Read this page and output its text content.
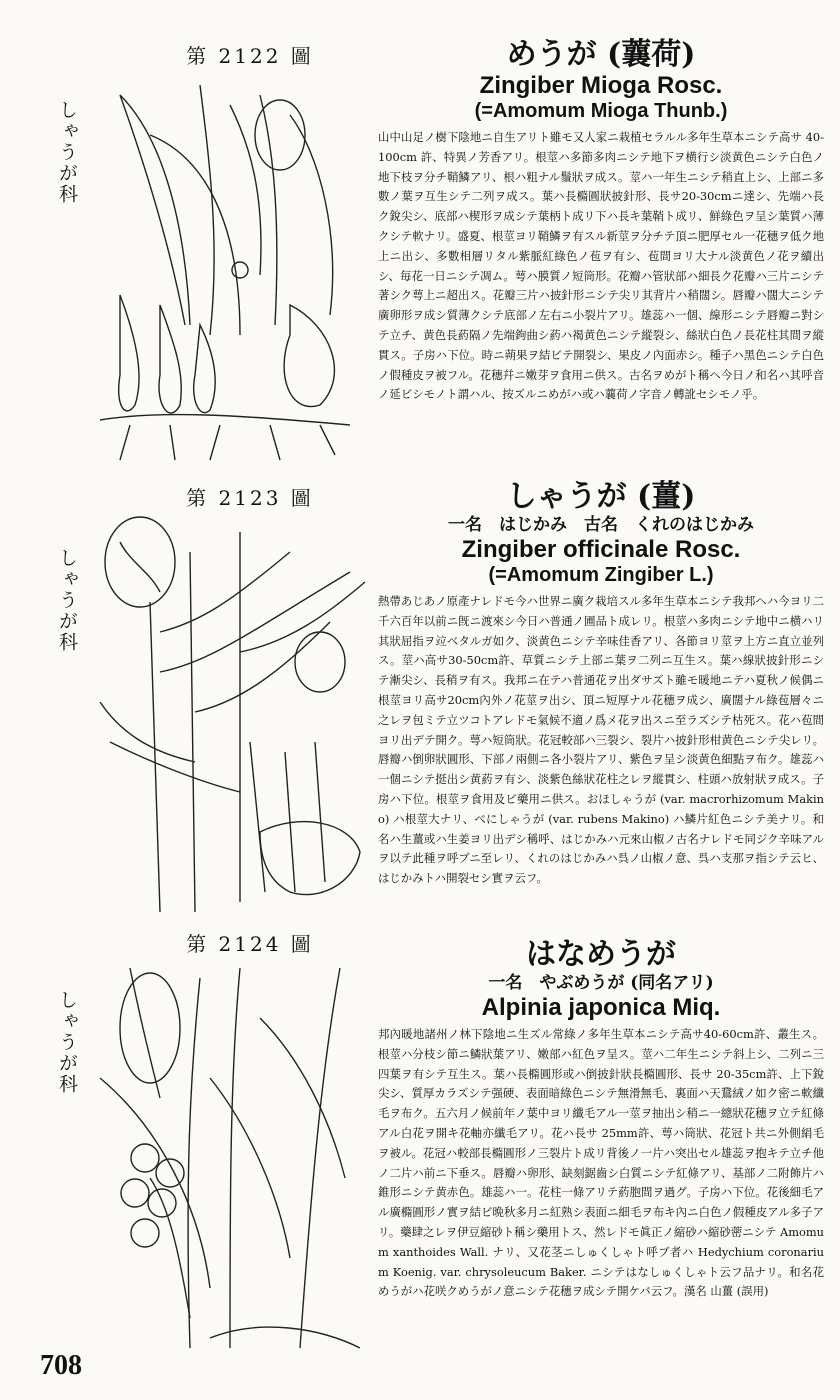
第 2122 圖
しゃうが科
めうが (蘘荷)
Zingiber Mioga Rosc.
(=Amomum Mioga Thunb.)
山中山足ノ樹下陰地ニ自生アリト雖モ又人家ニ栽植セラルル多年生草本ニシテ高サ 40-100cm 許、特異ノ芳香アリ。根莖ハ多節多肉ニシテ地下ヲ横行シ淡黄色ニシテ白色ノ地下枝ヲ分チ鞘鱗アリ、根ハ粗ナル鬚狀ヲ成ス。莖ハ一年生ニシテ稍直上シ、上部ニ多數ノ葉ヲ互生シテ二列ヲ成ス。葉ハ長橢圓狀披針形、長サ20-30cmニ達シ、先端ハ長ク銳尖シ、底部ハ楔形ヲ成シテ葉柄ト成リ下ハ長キ葉鞘ト成リ、鮮綠色ヲ呈シ葉質ハ薄クシテ軟ナリ。盛夏、根莖ヨリ鞘鱗ヲ有スル新莖ヲ分チテ頂ニ肥厚セル一花穗ヲ低ク地上ニ出シ、多數相層リタル紫脈紅綠色ノ苞ヲ有シ、苞間ヨリ大ナル淡黄色ノ花ヲ續出シ、毎花一日ニシテ凋ム。萼ハ膜質ノ短筒形。花瓣ハ管狀部ハ細長ク花瓣ハ三片ニシテ著シク萼上ニ超出ス。花瓣三片ハ披針形ニシテ尖リ其背片ハ稍闊シ。唇瓣ハ闊大ニシテ廣卵形ヲ成シ質薄クシテ底部ノ左右ニ小裂片アリ。雄蕊ハ一個、線形ニシテ唇瓣ニ對シテ立チ、黄色長葯隔ノ先端鉤曲シ葯ハ褐黄色ニシテ縱裂シ、絲狀白色ノ長花柱其間ヲ縱貫ス。子房ハ下位。時ニ蒴果ヲ結ビテ開裂シ、果皮ノ內面赤シ。種子ハ黑色ニシテ白色ノ假種皮ヲ被フル。花穗幷ニ嫩芽ヲ食用ニ供ス。古名ヲめがト稱ヘ今日ノ和名ハ其呼音ノ延ビシモノト謂ハル、按ズルニめがハ或ハ蘘荷ノ字音ノ轉訛セシモノ乎。
第 2123 圖
しゃうが科
しゃうが (薑)
一名　はじかみ　古名　くれのはじかみ
Zingiber officinale Rosc.
(=Amomum Zingiber L.)
熱帶あじあノ原產ナレドモ今ハ世界ニ廣ク栽培スル多年生草本ニシテ我邦ヘハ今ヨリ二千六百年以前ニ旣ニ渡來シ今日ハ普通ノ圃品ト成レリ。根莖ハ多肉ニシテ地中ニ横ハリ其狀屈指ヲ竝ベタルガ如ク、淡黄色ニシテ辛味佳香アリ、各節ヨリ莖ヲ上方ニ直立並列ス。莖ハ高サ30-50cm許、草質ニシテ上部ニ葉ヲ二列ニ互生ス。葉ハ線狀披針形ニシテ漸尖シ、長稍ヲ有ス。我邦ニ在テハ普通花ヲ出ダサズト雖モ暖地ニテハ夏秋ノ候偶ニ根莖ヨリ高サ20cm內外ノ花莖ヲ出シ、頂ニ短厚ナル花穗ヲ成シ、廣闊ナル綠苞層々ニ之レヲ包ミテ立ツコトアレドモ氣候不適ノ爲メ花ヲ出スニ至ラズシテ枯死ス。花ハ苞間ヨリ出デテ開ク。萼ハ短筒狀。花冠較部ハ三裂シ、裂片ハ披針形柑黄色ニシテ尖レリ。唇瓣ハ倒卵狀圓形、下部ノ兩側ニ各小裂片アリ、紫色ヲ呈シ淡黄色細點ヲ布ク。雄蕊ハ一個ニシテ挺出シ黄葯ヲ有シ、淡紫色絲狀花柱之レヲ縱貫シ、柱頭ハ放射狀ヲ成ス。子房ハ下位。根莖ヲ食用及ビ藥用ニ供ス。おほしゃうが (var. macrorhizomum Makino) ハ根莖大ナリ、べにしゃうが (var. rubens Makino) ハ鱗片紅色ニシテ美ナリ。和名ハ生薑或ハ生姜ヨリ出デシ稱呼、はじかみハ元來山椒ノ古名ナレドモ同ジク辛味アルヲ以テ此種ヲ呼ブニ至レリ、くれのはじかみハ呉ノ山椒ノ意、呉ハ支那ヲ指シテ云ヒ、はじかみトハ開裂セシ實ヲ云フ。
第 2124 圖
しゃうが科
はなめうが
一名　やぶめうが (同名アリ)
Alpinia japonica Miq.
邦內暖地諸州ノ林下陰地ニ生ズル常綠ノ多年生草本ニシテ高サ40-60cm許、叢生ス。根莖ハ分枝シ節ニ鱗狀葉アリ、嫩部ハ紅色ヲ呈ス。莖ハ二年生ニシテ斜上シ、二列ニ三四葉ヲ有シテ互生ス。葉ハ長橢圓形或ハ倒披針狀長橢圓形、長サ 20-35cm許、上下銳尖シ、質厚カラズシテ强硬、表面暗綠色ニシテ無滑無毛、裏面ハ天鵞絨ノ如ク密ニ軟纖毛ヲ布ク。五六月ノ候前年ノ葉中ヨリ纖毛アル一莖ヲ抽出シ稍ニ一總狀花穗ヲ立テ紅條アル白花ヲ開キ花軸亦纖毛アリ。花ハ長サ 25mm許、萼ハ筒狀、花冠ト共ニ外側絹毛ヲ被ル。花冠ハ較部長橢圓形ノ三裂片ト成リ背後ノ一片ハ突出セル雄蕊ヲ抱キテ立チ他ノ二片ハ前ニ下垂ス。唇瓣ハ卵形、缺刻鋸齒シ白質ニシテ紅條アリ、基部ノ二附飾片ハ錐形ニシテ黄赤色。雄蕊ハ一。花柱一條アリテ葯胞間ヲ過グ。子房ハ下位。花後細毛アル廣橢圓形ノ實ヲ結ビ晩秋多月ニ紅熟シ表面ニ細毛ヲ布キ內ニ白色ノ假種皮アル多子アリ。藥肆之レヲ伊豆縮砂ト稱シ藥用トス、然レドモ眞正ノ縮砂ハ縮砂蔤ニシテ Amomum xanthoides Wall. ナリ、又花茎ニしゅくしゃト呼ブ者ハ Hedychium coronarium Koenig. var. chrysoleucum Baker. ニシテはなしゅくしゃト云フ品ナリ。和名花めうがハ花咲クめうがノ意ニシテ花穗ヲ成シテ開ケバ云フ。漢名 山薑 (誤用)
708
